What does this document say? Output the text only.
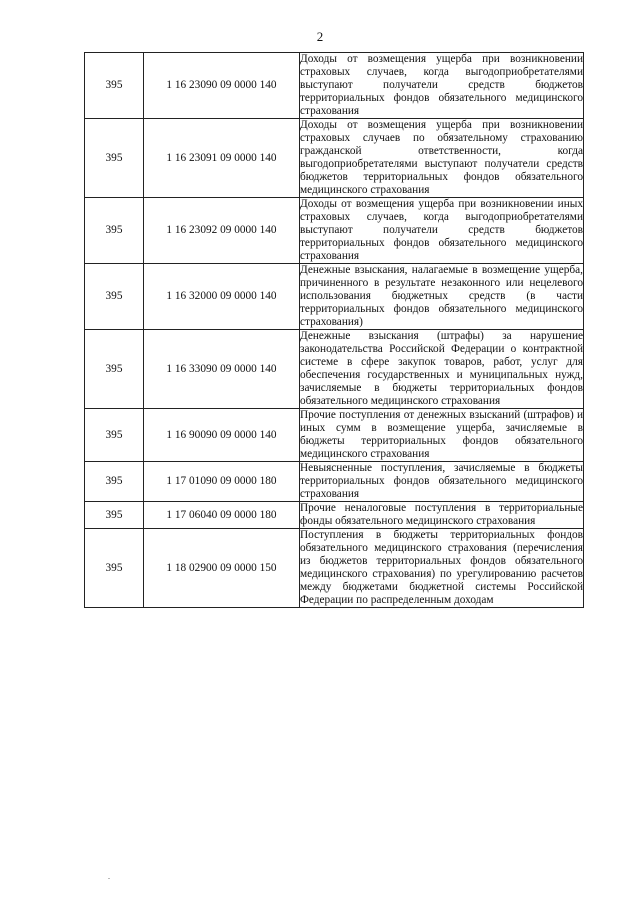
2
395	1 16 23090 09 0000 140	Доходы от возмещения ущерба при возникновении страховых случаев, когда выгодоприобретателями выступают получатели средств бюджетов территориальных фондов обязательного медицинского страхования
395	1 16 23091 09 0000 140	Доходы от возмещения ущерба при возникновении страховых случаев по обязательному страхованию гражданской ответственности, когда выгодоприобретателями выступают получатели средств бюджетов территориальных фондов обязательного медицинского страхования
395	1 16 23092 09 0000 140	Доходы от возмещения ущерба при возникновении иных страховых случаев, когда выгодоприобретателями выступают получатели средств бюджетов территориальных фондов обязательного медицинского страхования
395	1 16 32000 09 0000 140	Денежные взыскания, налагаемые в возмещение ущерба, причиненного в результате незаконного или нецелевого использования бюджетных средств (в части территориальных фондов обязательного медицинского страхования)
395	1 16 33090 09 0000 140	Денежные взыскания (штрафы) за нарушение законодательства Российской Федерации о контрактной системе в сфере закупок товаров, работ, услуг для обеспечения государственных и муниципальных нужд, зачисляемые в бюджеты территориальных фондов обязательного медицинского страхования
395	1 16 90090 09 0000 140	Прочие поступления от денежных взысканий (штрафов) и иных сумм в возмещение ущерба, зачисляемые в бюджеты территориальных фондов обязательного медицинского страхования
395	1 17 01090 09 0000 180	Невыясненные поступления, зачисляемые в бюджеты территориальных фондов обязательного медицинского страхования
395	1 17 06040 09 0000 180	Прочие неналоговые поступления в территориальные фонды обязательного медицинского страхования
395	1 18 02900 09 0000 150	Поступления в бюджеты территориальных фондов обязательного медицинского страхования (перечисления из бюджетов территориальных фондов обязательного медицинского страхования) по урегулированию расчетов между бюджетами бюджетной системы Российской Федерации по распределенным доходам
